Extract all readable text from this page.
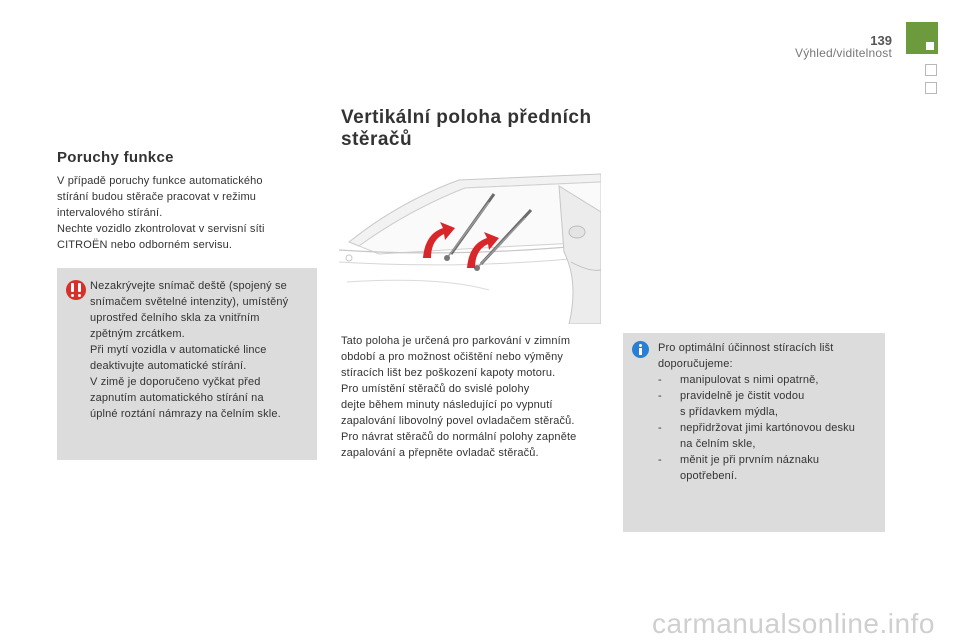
139
Výhled/viditelnost
Poruchy funkce
V případě poruchy funkce automatického
stírání budou stěrače pracovat v režimu
intervalového stírání.
Nechte vozidlo zkontrolovat v servisní síti
CITROËN nebo odborném servisu.
Nezakrývejte snímač deště (spojený se
snímačem světelné intenzity), umístěný
uprostřed čelního skla za vnitřním
zpětným zrcátkem.
Při mytí vozidla v automatické lince
deaktivujte automatické stírání.
V zimě je doporučeno vyčkat před
zapnutím automatického stírání na
úplné roztání námrazy na čelním skle.
Vertikální poloha předních
stěračů
Tato poloha je určená pro parkování v zimním
období a pro možnost očištění nebo výměny
stíracích lišt bez poškození kapoty motoru.
Pro umístění stěračů do svislé polohy
dejte během minuty následující po vypnutí
zapalování libovolný povel ovladačem stěračů.
Pro návrat stěračů do normální polohy zapněte
zapalování a přepněte ovladač stěračů.
Pro optimální účinnost stíracích lišt
doporučujeme:
-	manipulovat s nimi opatrně,
-	pravidelně je čistit vodou
s přídavkem mýdla,
-	nepřidržovat jimi kartónovou desku
na čelním skle,
-	měnit je při prvním náznaku
opotřebení.
carmanualsonline.info
